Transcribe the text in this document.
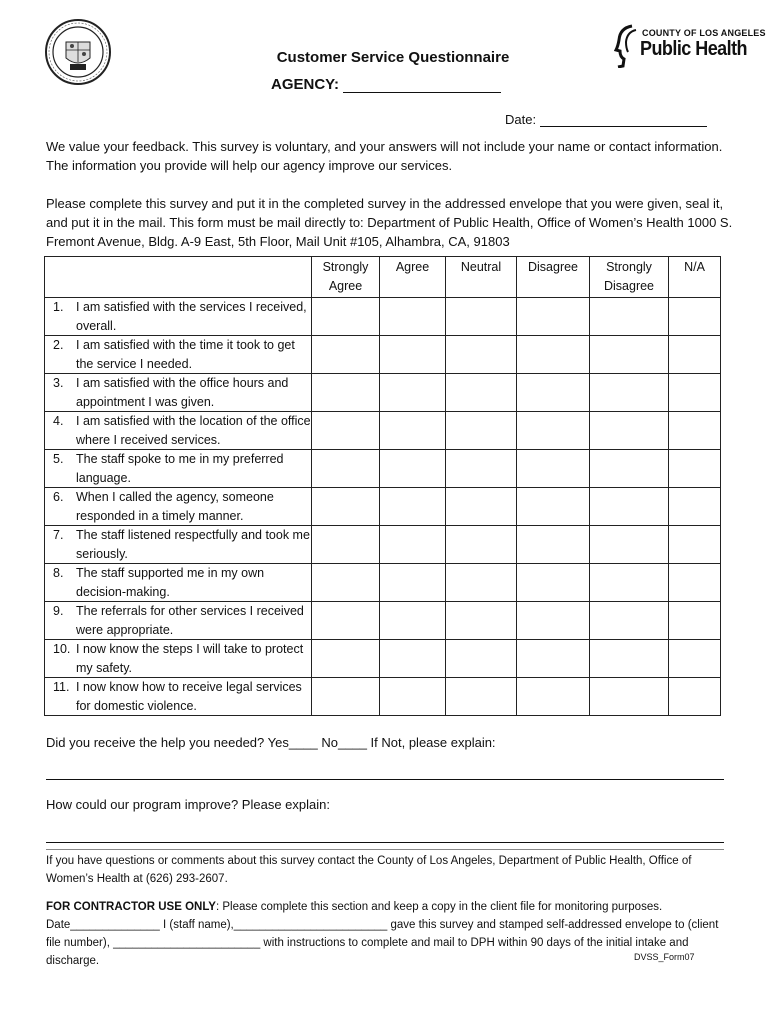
COUNTY OF LOS ANGELES
Public Health
Customer Service Questionnaire
AGENCY:
Date:
We value your feedback. This survey is voluntary, and your answers will not include your name or contact information. The information you provide will help our agency improve our services.
Please complete this survey and put it in the completed survey in the addressed envelope that you were given, seal it, and put it in the mail. This form must be mail directly to: Department of Public Health, Office of Women’s Health 1000 S. Fremont Avenue, Bldg. A-9 East, 5th Floor, Mail Unit #105, Alhambra, CA, 91803
	Strongly Agree	Agree	Neutral	Disagree	Strongly Disagree	N/A

1. I am satisfied with the services I received, overall.						

2. I am satisfied with the time it took to get the service I needed.						

3. I am satisfied with the office hours and appointment I was given.						

4. I am satisfied with the location of the office where I received services.						

5. The staff spoke to me in my preferred language.						

6. When I called the agency, someone responded in a timely manner.						

7. The staff listened respectfully and took me seriously.						

8. The staff supported me in my own decision-making.						

9. The referrals for other services I received were appropriate.						

10. I now know the steps I will take to protect my safety.						

11. I now know how to receive legal services for domestic violence.						

Did you receive the help you needed? Yes____ No____ If Not, please explain:
How could our program improve? Please explain:
If you have questions or comments about this survey contact the County of Los Angeles, Department of Public Health, Office of Women’s Health at (626) 293-2607.
FOR CONTRACTOR USE ONLY: Please complete this section and keep a copy in the client file for monitoring purposes. Date______________ I (staff name),________________________ gave this survey and stamped self-addressed envelope to (client file number), _______________________ with instructions to complete and mail to DPH within 90 days of the initial intake and discharge.	DVSS_Form07
